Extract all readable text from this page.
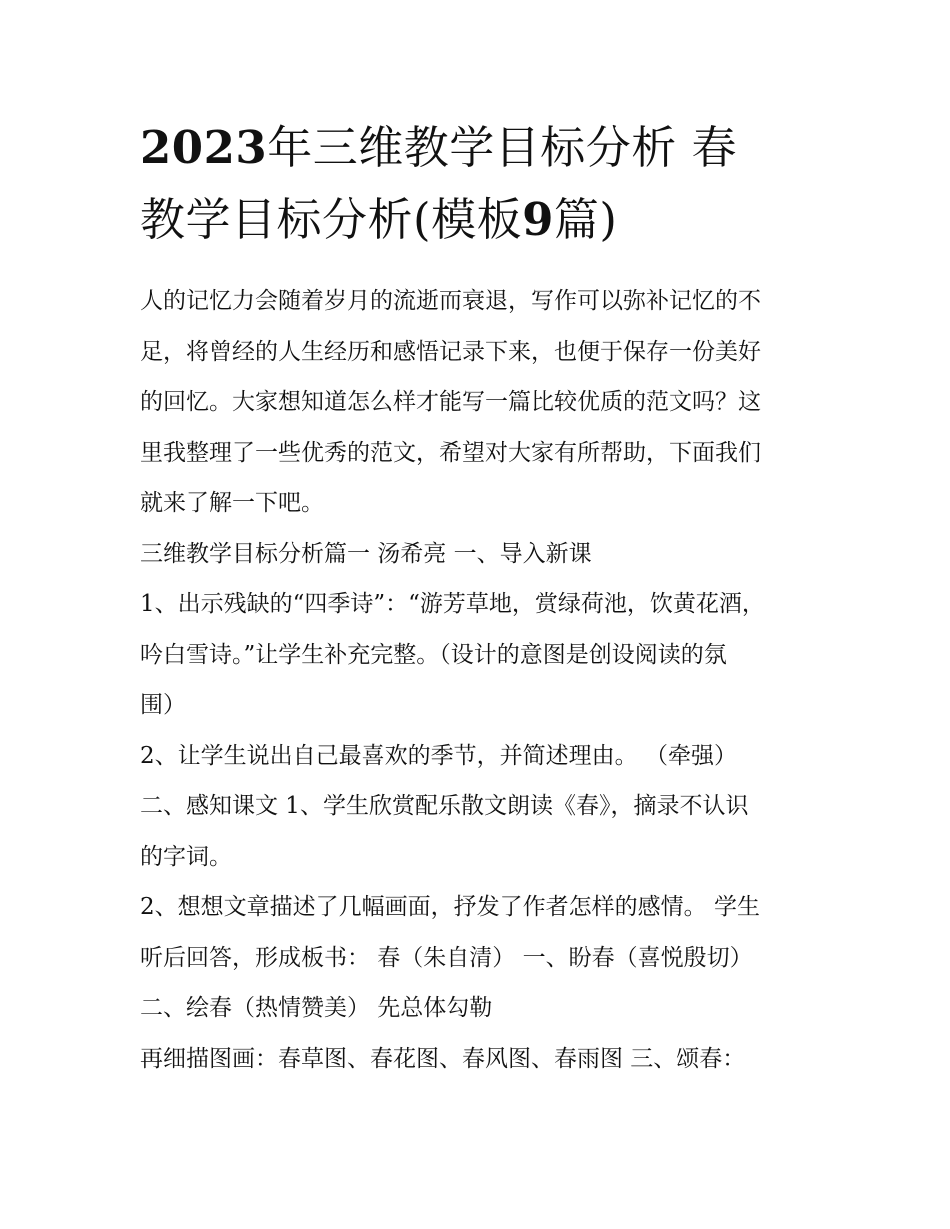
2023年三维教学目标分析 春
教学目标分析(模板9篇)

人的记忆力会随着岁月的流逝而衰退，写作可以弥补记忆的不
足，将曾经的人生经历和感悟记录下来，也便于保存一份美好
的回忆。大家想知道怎么样才能写一篇比较优质的范文吗？这
里我整理了一些优秀的范文，希望对大家有所帮助，下面我们
就来了解一下吧。

三维教学目标分析篇一 汤希亮 一、导入新课

1、出示残缺的“四季诗”：“游芳草地，赏绿荷池，饮黄花酒，
吟白雪诗。”让学生补充完整。（设计的意图是创设阅读的氛
围）

2、让学生说出自己最喜欢的季节，并简述理由。 （牵强）

二、感知课文 1、学生欣赏配乐散文朗读《春》，摘录不认识
的字词。

2、想想文章描述了几幅画面，抒发了作者怎样的感情。 学生
听后回答，形成板书： 春（朱自清） 一、盼春（喜悦殷切）
二、绘春（热情赞美） 先总体勾勒

再细描图画：春草图、春花图、春风图、春雨图 三、颂春：
